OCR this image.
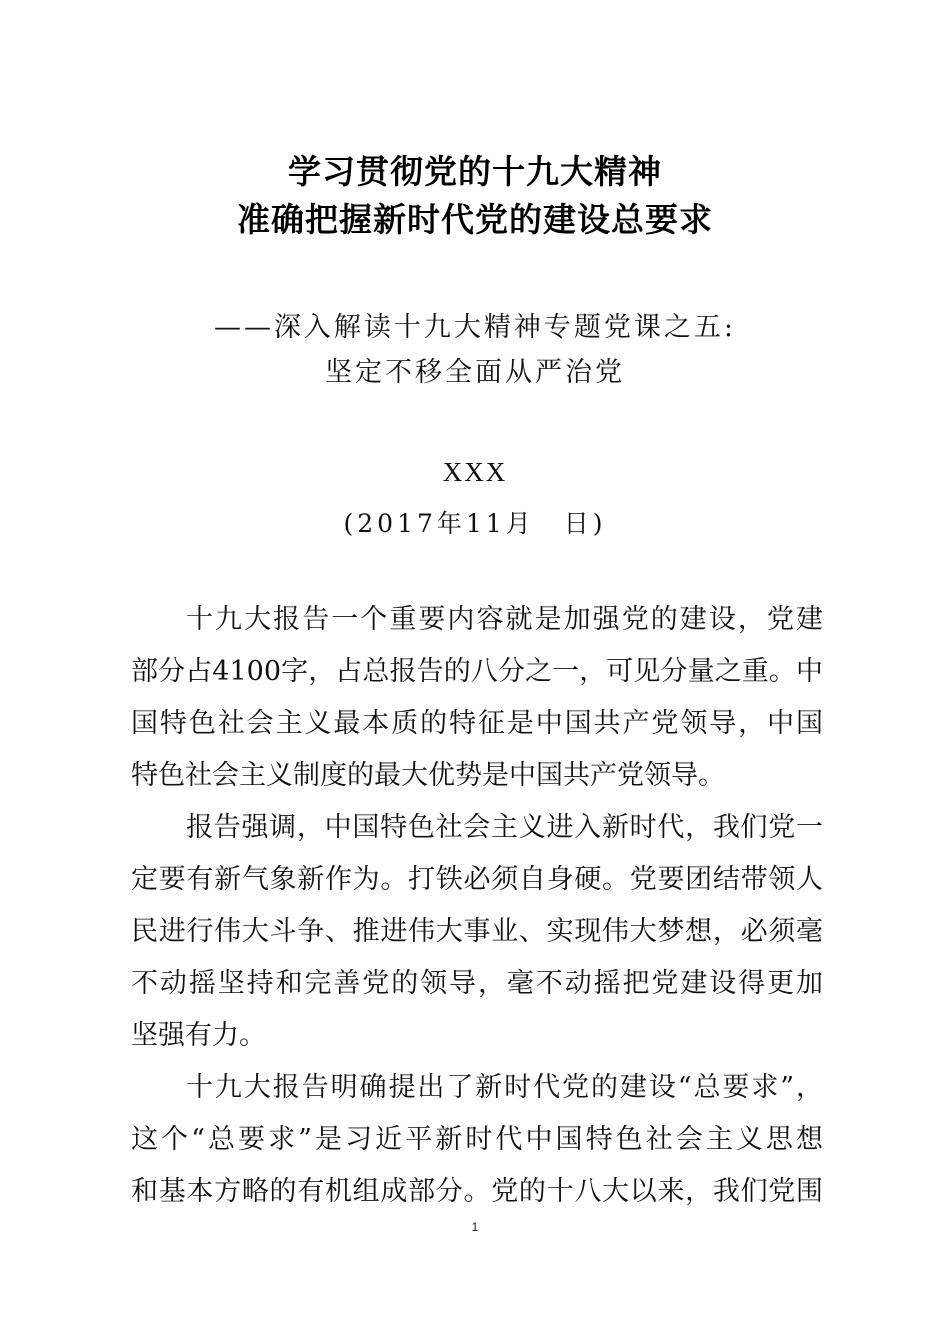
学习贯彻党的十九大精神
准确把握新时代党的建设总要求
——深入解读十九大精神专题党课之五:
坚定不移全面从严治党
XXX
(2017年11月　日)
十九大报告一个重要内容就是加强党的建设，党建
部分占4100字，占总报告的八分之一，可见分量之重。中
国特色社会主义最本质的特征是中国共产党领导，中国
特色社会主义制度的最大优势是中国共产党领导。
报告强调，中国特色社会主义进入新时代，我们党一
定要有新气象新作为。打铁必须自身硬。党要团结带领人
民进行伟大斗争、推进伟大事业、实现伟大梦想，必须毫
不动摇坚持和完善党的领导，毫不动摇把党建设得更加
坚强有力。
十九大报告明确提出了新时代党的建设“总要求”，
这个“总要求”是习近平新时代中国特色社会主义思想
和基本方略的有机组成部分。党的十八大以来，我们党围
1
